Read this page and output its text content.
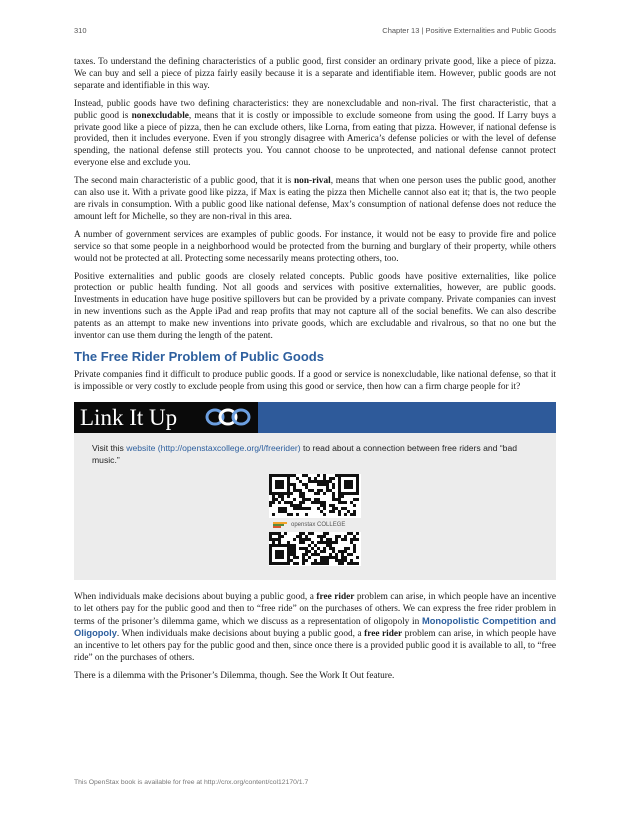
310	Chapter 13 | Positive Externalities and Public Goods

taxes. To understand the defining characteristics of a public good, first consider an ordinary private good, like a piece of pizza. We can buy and sell a piece of pizza fairly easily because it is a separate and identifiable item. However, public goods are not separate and identifiable in this way.

Instead, public goods have two defining characteristics: they are nonexcludable and non-rival. The first characteristic, that a public good is nonexcludable, means that it is costly or impossible to exclude someone from using the good. If Larry buys a private good like a piece of pizza, then he can exclude others, like Lorna, from eating that pizza. However, if national defense is provided, then it includes everyone. Even if you strongly disagree with America’s defense policies or with the level of defense spending, the national defense still protects you. You cannot choose to be unprotected, and national defense cannot protect everyone else and exclude you.

The second main characteristic of a public good, that it is non-rival, means that when one person uses the public good, another can also use it. With a private good like pizza, if Max is eating the pizza then Michelle cannot also eat it; that is, the two people are rivals in consumption. With a public good like national defense, Max’s consumption of national defense does not reduce the amount left for Michelle, so they are non-rival in this area.

A number of government services are examples of public goods. For instance, it would not be easy to provide fire and police service so that some people in a neighborhood would be protected from the burning and burglary of their property, while others would not be protected at all. Protecting some necessarily means protecting others, too.

Positive externalities and public goods are closely related concepts. Public goods have positive externalities, like police protection or public health funding. Not all goods and services with positive externalities, however, are public goods. Investments in education have huge positive spillovers but can be provided by a private company. Private companies can invest in new inventions such as the Apple iPad and reap profits that may not capture all of the social benefits. We can also describe patents as an attempt to make new inventions into private goods, which are excludable and rivalrous, so that no one but the inventor can use them during the length of the patent.

The Free Rider Problem of Public Goods

Private companies find it difficult to produce public goods. If a good or service is nonexcludable, like national defense, so that it is impossible or very costly to exclude people from using this good or service, then how can a firm charge people for it?

Link It Up

Visit this website (http://openstaxcollege.org/l/freerider) to read about a connection between free riders and “bad music.”

openstax COLLEGE

When individuals make decisions about buying a public good, a free rider problem can arise, in which people have an incentive to let others pay for the public good and then to “free ride” on the purchases of others. We can express the free rider problem in terms of the prisoner’s dilemma game, which we discuss as a representation of oligopoly in Monopolistic Competition and Oligopoly. When individuals make decisions about buying a public good, a free rider problem can arise, in which people have an incentive to let others pay for the public good and then, since once there is a provided public good it is available to all, to “free ride” on the purchases of others.

There is a dilemma with the Prisoner’s Dilemma, though. See the Work It Out feature.

This OpenStax book is available for free at http://cnx.org/content/col12170/1.7
